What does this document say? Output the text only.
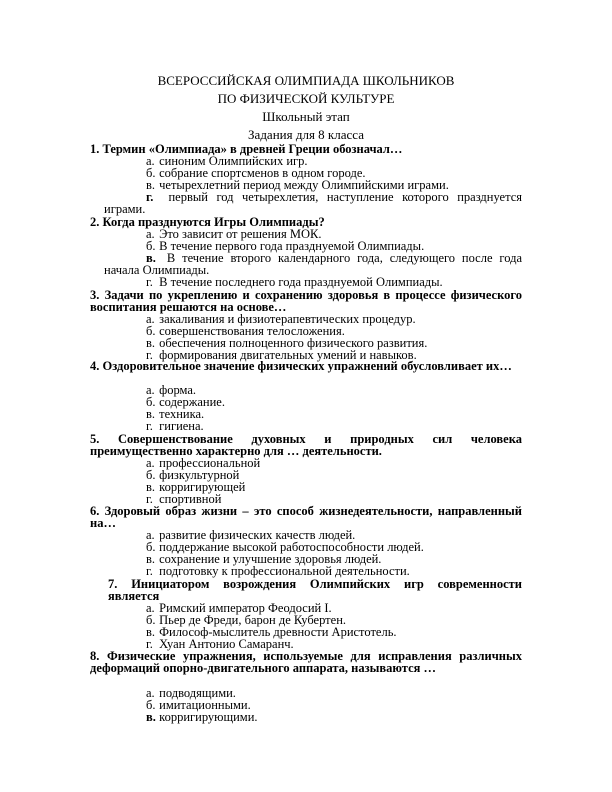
ВСЕРОССИЙСКАЯ ОЛИМПИАДА ШКОЛЬНИКОВ
ПО ФИЗИЧЕСКОЙ КУЛЬТУРЕ
Школьный этап
Задания для 8 класса
1. Термин «Олимпиада» в древней Греции обозначал…
а. синоним Олимпийских игр.
б. собрание спортсменов в одном городе.
в. четырехлетний период между Олимпийскими играми.
г. первый год четырехлетия, наступление которого празднуется играми.
2. Когда празднуются Игры Олимпиады?
а. Это зависит от решения МОК.
б. В течение первого года празднуемой Олимпиады.
в. В течение второго календарного года, следующего после года начала Олимпиады.
г. В течение последнего года празднуемой Олимпиады.
3. Задачи по укреплению и сохранению здоровья в процессе физического воспитания решаются на основе…
а. закаливания и физиотерапевтических процедур.
б. совершенствования телосложения.
в. обеспечения полноценного физического развития.
г. формирования двигательных умений и навыков.
4. Оздоровительное значение физических упражнений обусловливает их…
а. форма.
б. содержание.
в. техника.
г. гигиена.
5. Совершенствование духовных и природных сил человека преимущественно характерно для … деятельности.
а. профессиональной
б. физкультурной
в. корригирующей
г. спортивной
6. Здоровый образ жизни – это способ жизнедеятельности, направленный на…
а. развитие физических качеств людей.
б. поддержание высокой работоспособности людей.
в. сохранение и улучшение здоровья людей.
г. подготовку к профессиональной деятельности.
7. Инициатором возрождения Олимпийских игр современности является
а. Римский император Феодосий I.
б. Пьер де Фреди, барон де Кубертен.
в. Философ-мыслитель древности Аристотель.
г. Хуан Антонио Самаранч.
8. Физические упражнения, используемые для исправления различных деформаций опорно-двигательного аппарата, называются …
а. подводящими.
б. имитационными.
в. корригирующими.
